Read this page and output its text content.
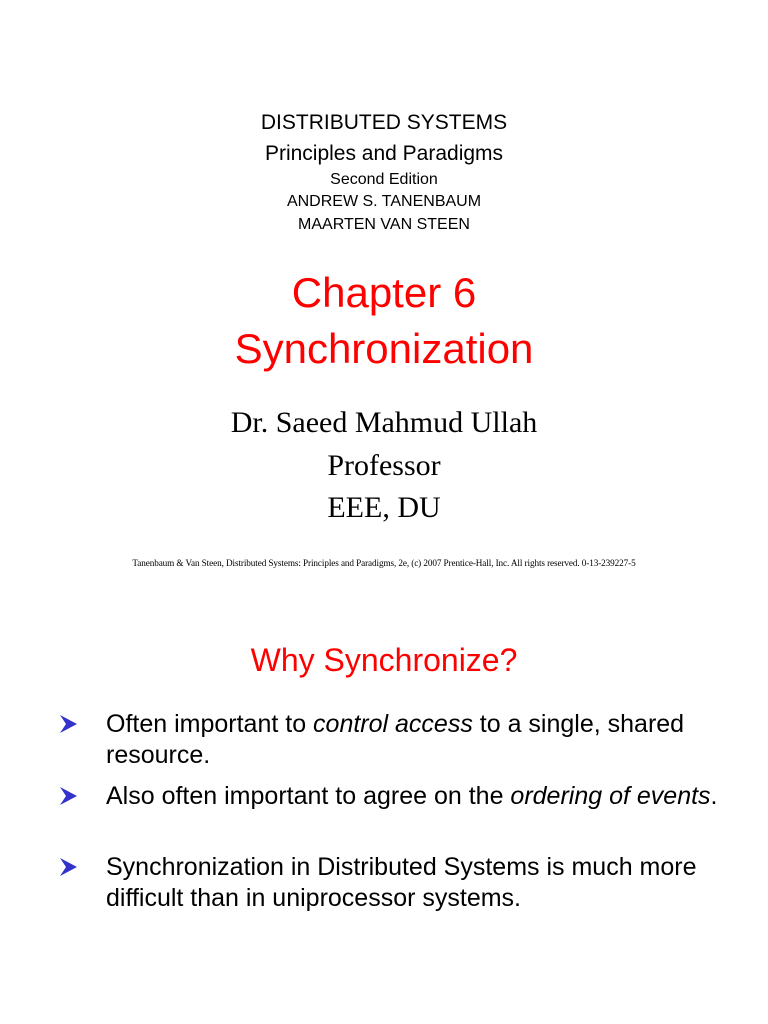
DISTRIBUTED SYSTEMS
Principles and Paradigms
Second Edition
ANDREW S. TANENBAUM
MAARTEN VAN STEEN
Chapter 6
Synchronization
Dr. Saeed Mahmud Ullah
Professor
EEE, DU
Tanenbaum & Van Steen, Distributed Systems: Principles and Paradigms, 2e, (c) 2007 Prentice-Hall, Inc. All rights reserved. 0-13-239227-5
Why Synchronize?
Often important to control access to a single, shared resource.
Also often important to agree on the ordering of events.
Synchronization in Distributed Systems is much more difficult than in uniprocessor systems.
